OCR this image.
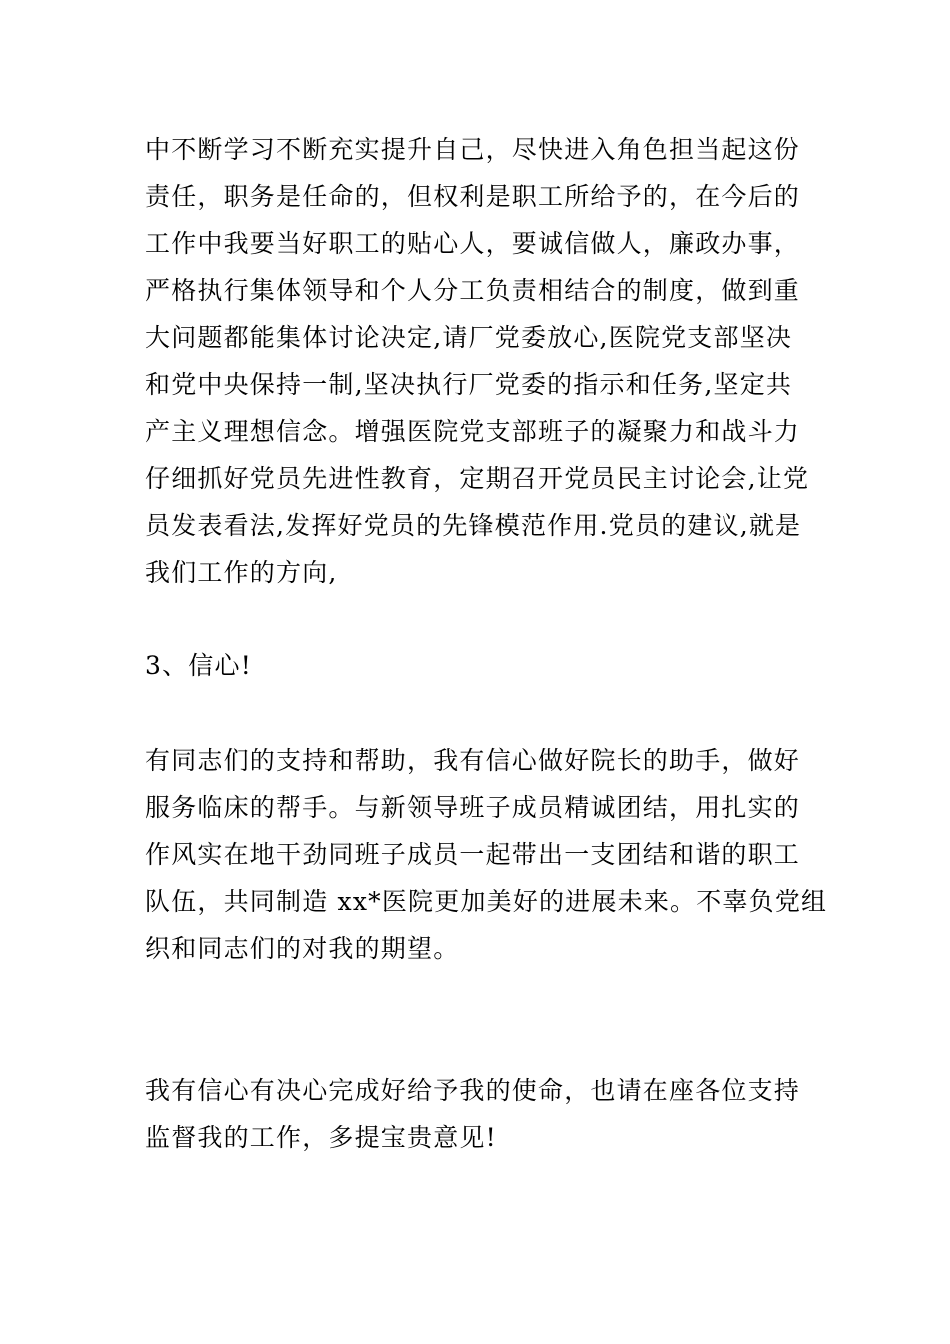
中不断学习不断充实提升自己，尽快进入角色担当起这份
责任，职务是任命的，但权利是职工所给予的，在今后的
工作中我要当好职工的贴心人，要诚信做人，廉政办事，
严格执行集体领导和个人分工负责相结合的制度，做到重
大问题都能集体讨论决定,请厂党委放心,医院党支部坚决
和党中央保持一制,坚决执行厂党委的指示和任务,坚定共
产主义理想信念。增强医院党支部班子的凝聚力和战斗力
仔细抓好党员先进性教育，定期召开党员民主讨论会,让党
员发表看法,发挥好党员的先锋模范作用.党员的建议,就是
我们工作的方向,
3、信心!
有同志们的支持和帮助，我有信心做好院长的助手，做好
服务临床的帮手。与新领导班子成员精诚团结，用扎实的
作风实在地干劲同班子成员一起带出一支团结和谐的职工
队伍，共同制造 xx*医院更加美好的进展未来。不辜负党组
织和同志们的对我的期望。
我有信心有决心完成好给予我的使命，也请在座各位支持
监督我的工作，多提宝贵意见!
